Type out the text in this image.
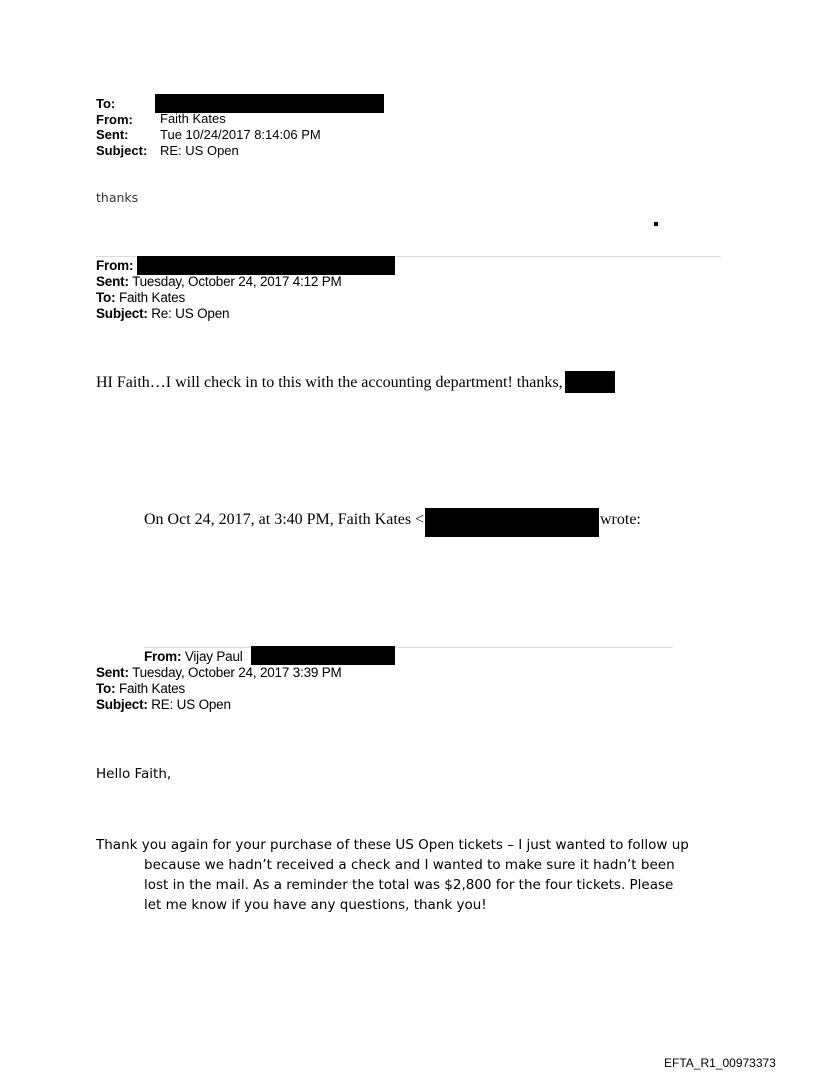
To:
From: Faith Kates
Sent: Tue 10/24/2017 8:14:06 PM
Subject: RE: US Open
thanks
From:
Sent: Tuesday, October 24, 2017 4:12 PM
To: Faith Kates
Subject: Re: US Open
HI Faith…I will check in to this with the accounting department! thanks,
On Oct 24, 2017, at 3:40 PM, Faith Kates <	wrote:
From: Vijay Paul
Sent: Tuesday, October 24, 2017 3:39 PM
To: Faith Kates
Subject: RE: US Open
Hello Faith,
Thank you again for your purchase of these US Open tickets – I just wanted to follow up
because we hadn’t received a check and I wanted to make sure it hadn’t been
lost in the mail. As a reminder the total was $2,800 for the four tickets. Please
let me know if you have any questions, thank you!
EFTA_R1_00973373
